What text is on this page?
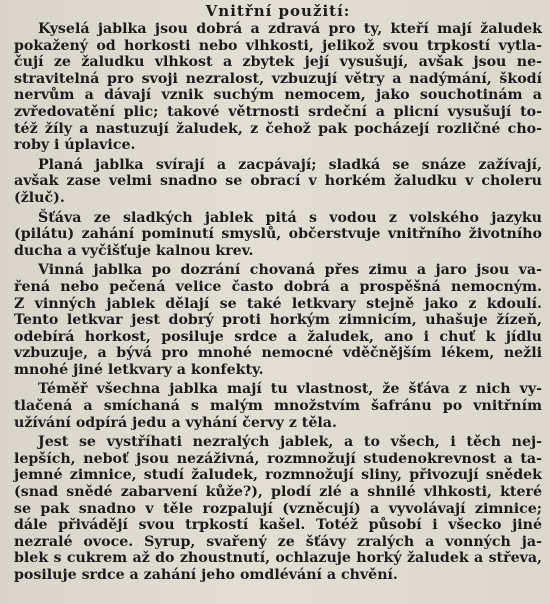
Vnitřní použití:
Kyselá jablka jsou dobrá a zdravá pro ty, kteří mají žaludek
pokažený od horkosti nebo vlhkosti, jelikož svou trpkostí vytla-
čují ze žaludku vlhkost a zbytek její vysušují, avšak jsou ne-
stravitelná pro svoji nezralost, vzbuzují větry a nadýmání, škodí
nervům a dávají vznik suchým nemocem, jako souchotinám a
zvředovatění plic; takové větrnosti srdeční a plicní vysušují to-
též žíly a nastuzují žaludek, z čehož pak pocházejí rozličné cho-
roby i úplavice.
Planá jablka svírají a zacpávají; sladká se snáze zažívají,
avšak zase velmi snadno se obrací v horkém žaludku v choleru
(žluč).
Šťáva ze sladkých jablek pitá s vodou z volského jazyku
(pilátu) zahání pominutí smyslů, občerstvuje vnitřního životního
ducha a vyčišťuje kalnou krev.
Vinná jablka po dozrání chovaná přes zimu a jaro jsou va-
řená nebo pečená velice často dobrá a prospěšná nemocným.
Z vinných jablek dělají se také letkvary stejně jako z kdoulí.
Tento letkvar jest dobrý proti horkým zimnicím, uhašuje žízeň,
odebírá horkost, posiluje srdce a žaludek, ano i chuť k jídlu
vzbuzuje, a bývá pro mnohé nemocné vděčnějším lékem, nežli
mnohé jiné letkvary a konfekty.
Téměř všechna jablka mají tu vlastnost, že šťáva z nich vy-
tlačená a smíchaná s malým množstvím šafránu po vnitřním
užívání odpírá jedu a vyhání červy z těla.
Jest se vystříhati nezralých jablek, a to všech, i těch nej-
lepších, neboť jsou nezáživná, rozmnožují studenokrevnost a ta-
jemné zimnice, studí žaludek, rozmnožují sliny, přivozují snědek
(snad snědé zabarvení kůže?), plodí zlé a shnilé vlhkosti, které
se pak snadno v těle rozpalují (vzněcují) a vyvolávají zimnice;
dále přivádějí svou trpkostí kašel. Totéž působí i všecko jiné
nezralé ovoce. Syrup, svařený ze šťávy zralých a vonných ja-
blek s cukrem až do zhoustnutí, ochlazuje horký žaludek a střeva,
posiluje srdce a zahání jeho omdlévání a chvění.
